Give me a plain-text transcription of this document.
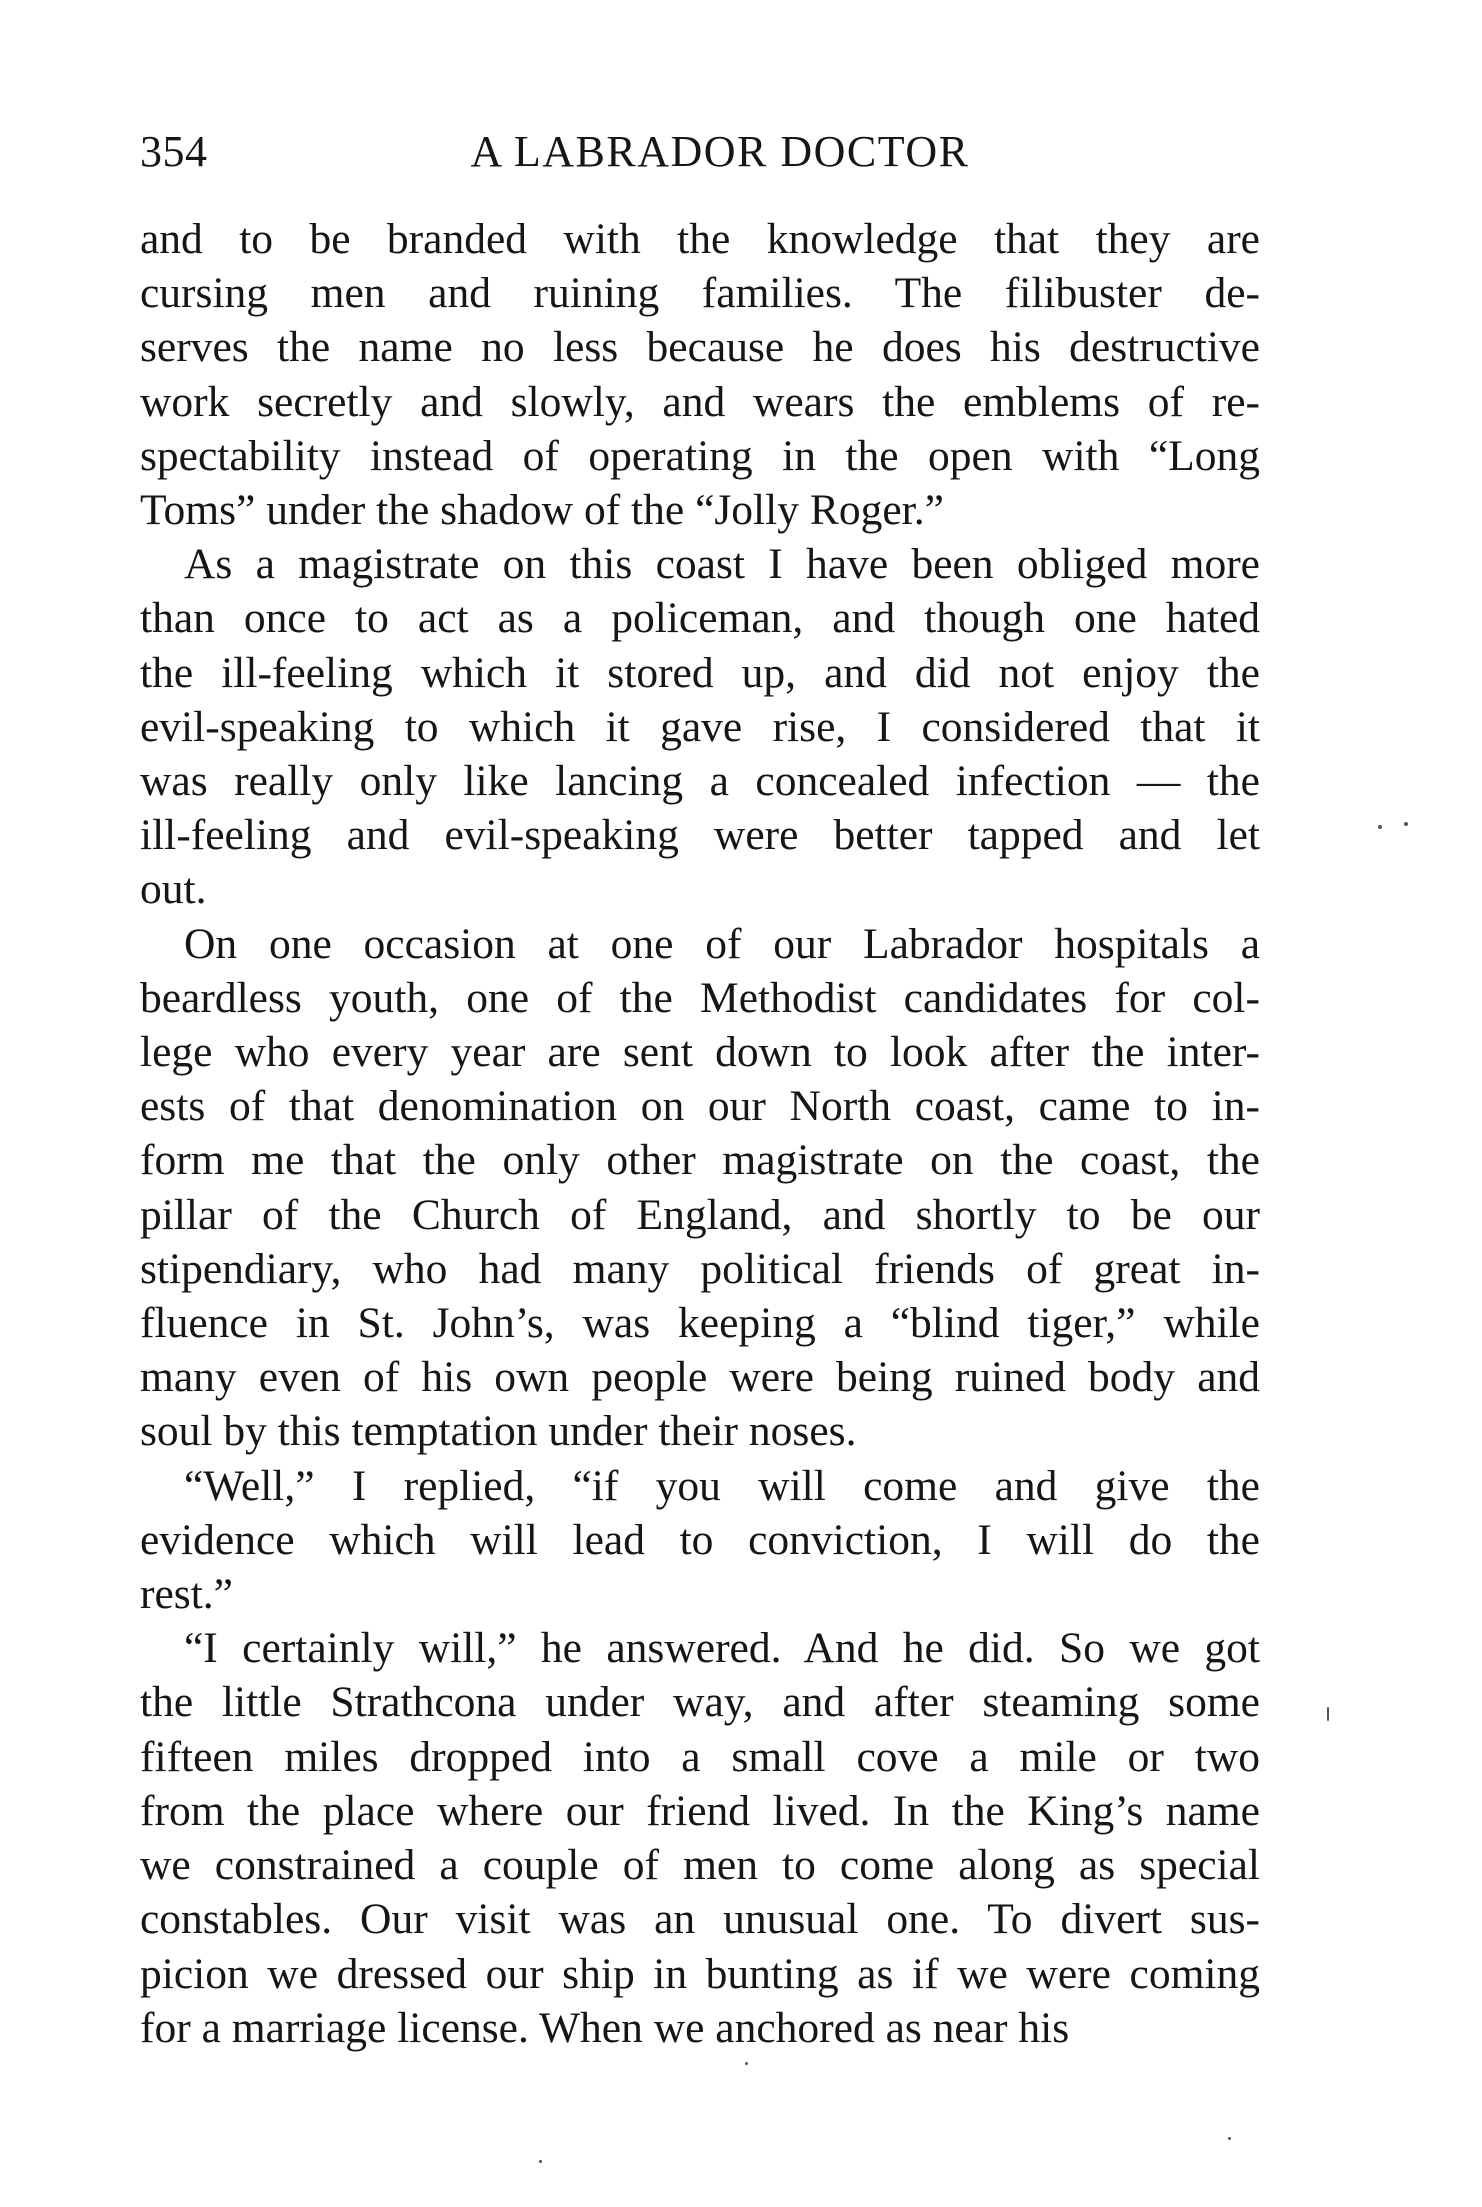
354	A LABRADOR DOCTOR

and to be branded with the knowledge that they are

cursing men and ruining families. The filibuster de-

serves the name no less because he does his destructive

work secretly and slowly, and wears the emblems of re-

spectability instead of operating in the open with “Long

Toms” under the shadow of the “Jolly Roger.”

As a magistrate on this coast I have been obliged more

than once to act as a policeman, and though one hated

the ill-feeling which it stored up, and did not enjoy the

evil-speaking to which it gave rise, I considered that it

was really only like lancing a concealed infection — the

ill-feeling and evil-speaking were better tapped and let

out.

On one occasion at one of our Labrador hospitals a

beardless youth, one of the Methodist candidates for col-

lege who every year are sent down to look after the inter-

ests of that denomination on our North coast, came to in-

form me that the only other magistrate on the coast, the

pillar of the Church of England, and shortly to be our

stipendiary, who had many political friends of great in-

fluence in St. John’s, was keeping a “blind tiger,” while

many even of his own people were being ruined body and

soul by this temptation under their noses.

“Well,” I replied, “if you will come and give the

evidence which will lead to conviction, I will do the

rest.”

“I certainly will,” he answered. And he did. So we got

the little Strathcona under way, and after steaming some

fifteen miles dropped into a small cove a mile or two

from the place where our friend lived. In the King’s name

we constrained a couple of men to come along as special

constables. Our visit was an unusual one. To divert sus-

picion we dressed our ship in bunting as if we were coming

for a marriage license. When we anchored as near his
